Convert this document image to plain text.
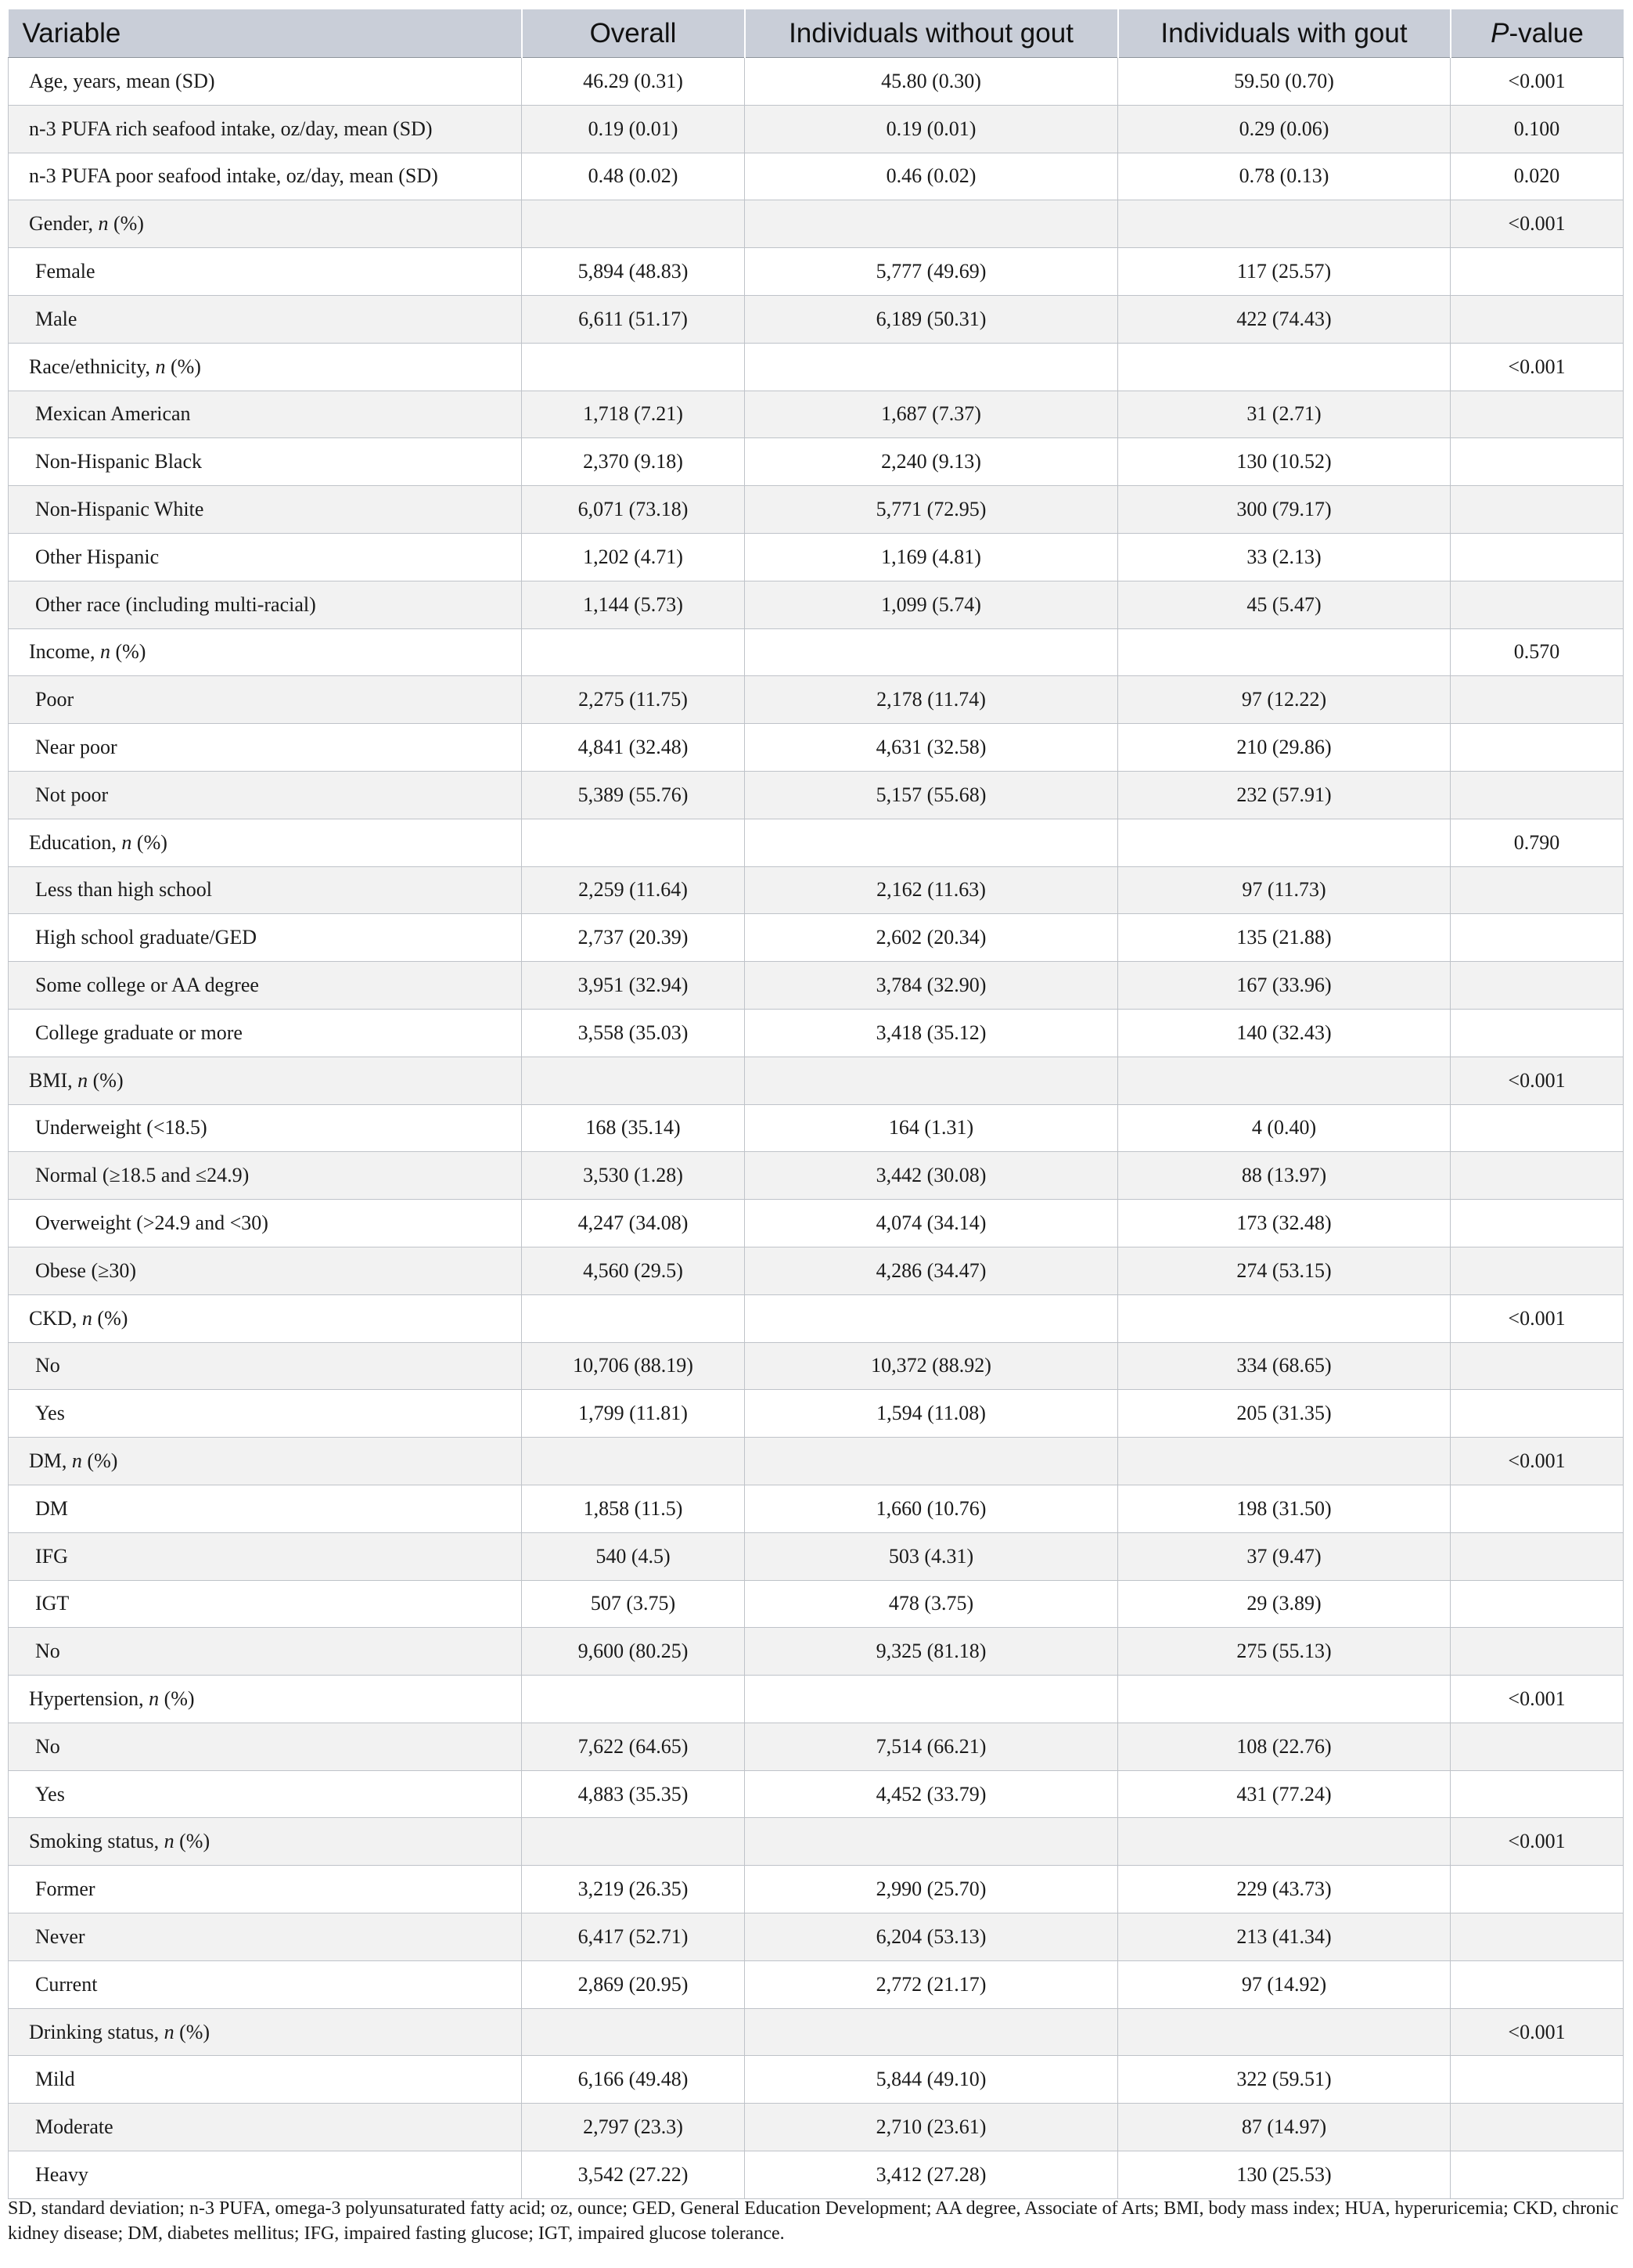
Variable	Overall	Individuals without gout	Individuals with gout	P-value
Age, years, mean (SD)	46.29 (0.31)	45.80 (0.30)	59.50 (0.70)	<0.001
n-3 PUFA rich seafood intake, oz/day, mean (SD)	0.19 (0.01)	0.19 (0.01)	0.29 (0.06)	0.100
n-3 PUFA poor seafood intake, oz/day, mean (SD)	0.48 (0.02)	0.46 (0.02)	0.78 (0.13)	0.020
Gender, n (%)				<0.001
Female	5,894 (48.83)	5,777 (49.69)	117 (25.57)	
Male	6,611 (51.17)	6,189 (50.31)	422 (74.43)	
Race/ethnicity, n (%)				<0.001
Mexican American	1,718 (7.21)	1,687 (7.37)	31 (2.71)	
Non-Hispanic Black	2,370 (9.18)	2,240 (9.13)	130 (10.52)	
Non-Hispanic White	6,071 (73.18)	5,771 (72.95)	300 (79.17)	
Other Hispanic	1,202 (4.71)	1,169 (4.81)	33 (2.13)	
Other race (including multi-racial)	1,144 (5.73)	1,099 (5.74)	45 (5.47)	
Income, n (%)				0.570
Poor	2,275 (11.75)	2,178 (11.74)	97 (12.22)	
Near poor	4,841 (32.48)	4,631 (32.58)	210 (29.86)	
Not poor	5,389 (55.76)	5,157 (55.68)	232 (57.91)	
Education, n (%)				0.790
Less than high school	2,259 (11.64)	2,162 (11.63)	97 (11.73)	
High school graduate/GED	2,737 (20.39)	2,602 (20.34)	135 (21.88)	
Some college or AA degree	3,951 (32.94)	3,784 (32.90)	167 (33.96)	
College graduate or more	3,558 (35.03)	3,418 (35.12)	140 (32.43)	
BMI, n (%)				<0.001
Underweight (<18.5)	168 (35.14)	164 (1.31)	4 (0.40)	
Normal (≥18.5 and ≤24.9)	3,530 (1.28)	3,442 (30.08)	88 (13.97)	
Overweight (>24.9 and <30)	4,247 (34.08)	4,074 (34.14)	173 (32.48)	
Obese (≥30)	4,560 (29.5)	4,286 (34.47)	274 (53.15)	
CKD, n (%)				<0.001
No	10,706 (88.19)	10,372 (88.92)	334 (68.65)	
Yes	1,799 (11.81)	1,594 (11.08)	205 (31.35)	
DM, n (%)				<0.001
DM	1,858 (11.5)	1,660 (10.76)	198 (31.50)	
IFG	540 (4.5)	503 (4.31)	37 (9.47)	
IGT	507 (3.75)	478 (3.75)	29 (3.89)	
No	9,600 (80.25)	9,325 (81.18)	275 (55.13)	
Hypertension, n (%)				<0.001
No	7,622 (64.65)	7,514 (66.21)	108 (22.76)	
Yes	4,883 (35.35)	4,452 (33.79)	431 (77.24)	
Smoking status, n (%)				<0.001
Former	3,219 (26.35)	2,990 (25.70)	229 (43.73)	
Never	6,417 (52.71)	6,204 (53.13)	213 (41.34)	
Current	2,869 (20.95)	2,772 (21.17)	97 (14.92)	
Drinking status, n (%)				<0.001
Mild	6,166 (49.48)	5,844 (49.10)	322 (59.51)	
Moderate	2,797 (23.3)	2,710 (23.61)	87 (14.97)	
Heavy	3,542 (27.22)	3,412 (27.28)	130 (25.53)	
SD, standard deviation; n-3 PUFA, omega-3 polyunsaturated fatty acid; oz, ounce; GED, General Education Development; AA degree, Associate of Arts; BMI, body mass index; HUA, hyperuricemia; CKD, chronic kidney disease; DM, diabetes mellitus; IFG, impaired fasting glucose; IGT, impaired glucose tolerance.
